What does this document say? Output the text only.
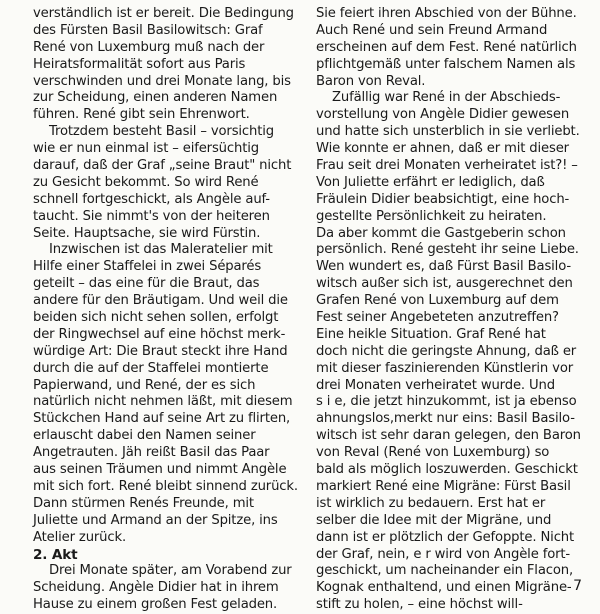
verständlich ist er bereit. Die Bedingung
des Fürsten Basil Basilowitsch: Graf
René von Luxemburg muß nach der
Heiratsformalität sofort aus Paris
verschwinden und drei Monate lang, bis
zur Scheidung, einen anderen Namen
führen. René gibt sein Ehrenwort.
Trotzdem besteht Basil – vorsichtig
wie er nun einmal ist – eifersüchtig
darauf, daß der Graf „seine Braut" nicht
zu Gesicht bekommt. So wird René
schnell fortgeschickt, als Angèle auf-
taucht. Sie nimmt's von der heiteren
Seite. Hauptsache, sie wird Fürstin.
Inzwischen ist das Maleratelier mit
Hilfe einer Staffelei in zwei Séparés
geteilt – das eine für die Braut, das
andere für den Bräutigam. Und weil die
beiden sich nicht sehen sollen, erfolgt
der Ringwechsel auf eine höchst merk-
würdige Art: Die Braut steckt ihre Hand
durch die auf der Staffelei montierte
Papierwand, und René, der es sich
natürlich nicht nehmen läßt, mit diesem
Stückchen Hand auf seine Art zu flirten,
erlauscht dabei den Namen seiner
Angetrauten. Jäh reißt Basil das Paar
aus seinen Träumen und nimmt Angèle
mit sich fort. René bleibt sinnend zurück.
Dann stürmen Renés Freunde, mit
Juliette und Armand an der Spitze, ins
Atelier zurück.
2. Akt
Drei Monate später, am Vorabend zur
Scheidung. Angèle Didier hat in ihrem
Hause zu einem großen Fest geladen.
Sie feiert ihren Abschied von der Bühne.
Auch René und sein Freund Armand
erscheinen auf dem Fest. René natürlich
pflichtgemäß unter falschem Namen als
Baron von Reval.
Zufällig war René in der Abschieds-
vorstellung von Angèle Didier gewesen
und hatte sich unsterblich in sie verliebt.
Wie konnte er ahnen, daß er mit dieser
Frau seit drei Monaten verheiratet ist?! –
Von Juliette erfährt er lediglich, daß
Fräulein Didier beabsichtigt, eine hoch-
gestellte Persönlichkeit zu heiraten.
Da aber kommt die Gastgeberin schon
persönlich. René gesteht ihr seine Liebe.
Wen wundert es, daß Fürst Basil Basilo-
witsch außer sich ist, ausgerechnet den
Grafen René von Luxemburg auf dem
Fest seiner Angebeteten anzutreffen?
Eine heikle Situation. Graf René hat
doch nicht die geringste Ahnung, daß er
mit dieser faszinierenden Künstlerin vor
drei Monaten verheiratet wurde. Und
s i e, die jetzt hinzukommt, ist ja ebenso
ahnungslos,merkt nur eins: Basil Basilo-
witsch ist sehr daran gelegen, den Baron
von Reval (René von Luxemburg) so
bald als möglich loszuwerden. Geschickt
markiert René eine Migräne: Fürst Basil
ist wirklich zu bedauern. Erst hat er
selber die Idee mit der Migräne, und
dann ist er plötzlich der Gefoppte. Nicht
der Graf, nein, e r wird von Angèle fort-
geschickt, um nacheinander ein Flacon,
Kognak enthaltend, und einen Migräne-
stift zu holen, – eine höchst will-
7
